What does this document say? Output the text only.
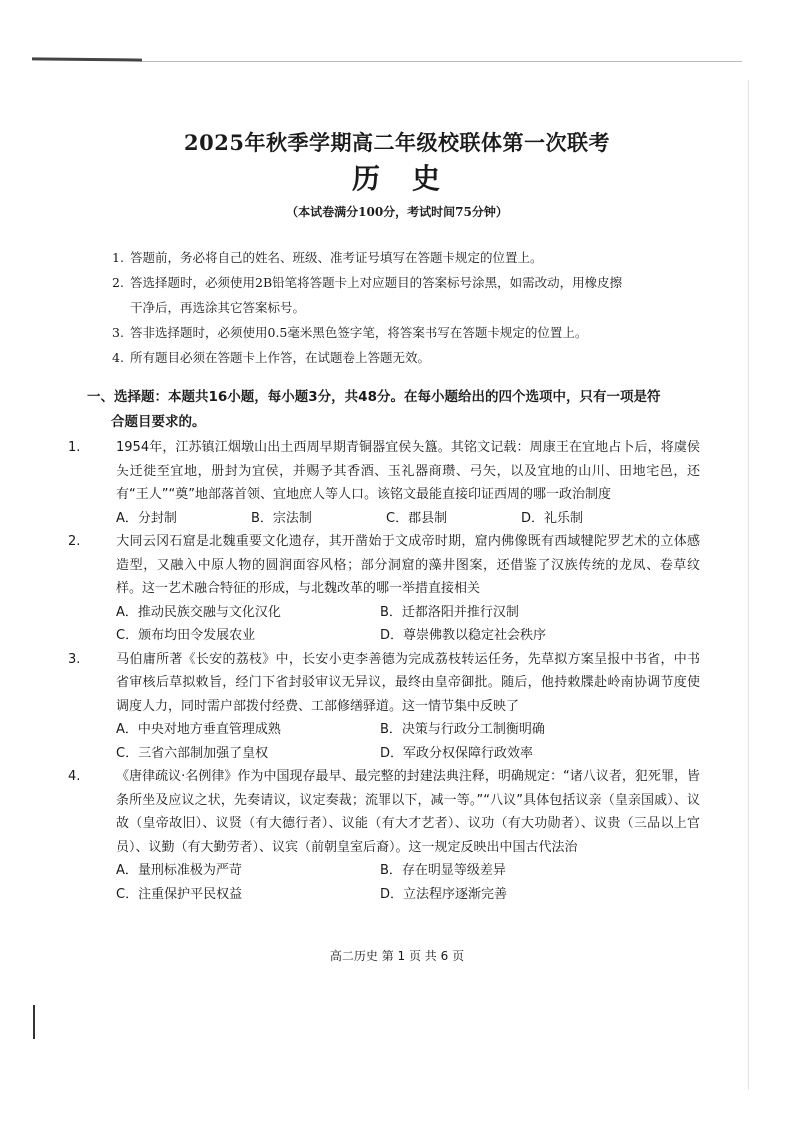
2025年秋季学期高二年级校联体第一次联考
历　史
（本试卷满分100分，考试时间75分钟）
1. 答题前，务必将自己的姓名、班级、准考证号填写在答题卡规定的位置上。
2. 答选择题时，必须使用2B铅笔将答题卡上对应题目的答案标号涂黑，如需改动，用橡皮擦
干净后，再选涂其它答案标号。
3. 答非选择题时，必须使用0.5毫米黑色签字笔，将答案书写在答题卡规定的位置上。
4. 所有题目必须在答题卡上作答，在试题卷上答题无效。
一、选择题：本题共16小题，每小题3分，共48分。在每小题给出的四个选项中，只有一项是符
合题目要求的。
1.	1954年，江苏镇江烟墩山出土西周早期青铜器宜侯夨簋。其铭文记载：周康王在宜地占卜后，将虞侯夨迁徙至宜地，册封为宜侯，并赐予其香酒、玉礼器商瓒、弓矢，以及宜地的山川、田地宅邑，还有“王人”“奠”地部落首领、宜地庶人等人口。该铭文最能直接印证西周的哪一政治制度
A．分封制	B．宗法制	C．郡县制	D．礼乐制
2.	大同云冈石窟是北魏重要文化遗存，其开凿始于文成帝时期，窟内佛像既有西域犍陀罗艺术的立体感造型，又融入中原人物的圆润面容风格；部分洞窟的藻井图案，还借鉴了汉族传统的龙凤、卷草纹样。这一艺术融合特征的形成，与北魏改革的哪一举措直接相关
A．推动民族交融与文化汉化	B．迁都洛阳并推行汉制
C．颁布均田令发展农业	D．尊崇佛教以稳定社会秩序
3.	马伯庸所著《长安的荔枝》中，长安小吏李善德为完成荔枝转运任务，先草拟方案呈报中书省，中书省审核后草拟敕旨，经门下省封驳审议无异议，最终由皇帝御批。随后，他持敕牒赴岭南协调节度使调度人力，同时需户部拨付经费、工部修缮驿道。这一情节集中反映了
A．中央对地方垂直管理成熟	B．决策与行政分工制衡明确
C．三省六部制加强了皇权	D．军政分权保障行政效率
4.	《唐律疏议·名例律》作为中国现存最早、最完整的封建法典注释，明确规定：“诸八议者，犯死罪，皆条所坐及应议之状，先奏请议，议定奏裁；流罪以下，减一等。”“八议”具体包括议亲（皇亲国戚）、议故（皇帝故旧）、议贤（有大德行者）、议能（有大才艺者）、议功（有大功勋者）、议贵（三品以上官员）、议勤（有大勤劳者）、议宾（前朝皇室后裔）。这一规定反映出中国古代法治
A．量刑标准极为严苛	B．存在明显等级差异
C．注重保护平民权益	D．立法程序逐渐完善
高二历史 第 1 页 共 6 页
